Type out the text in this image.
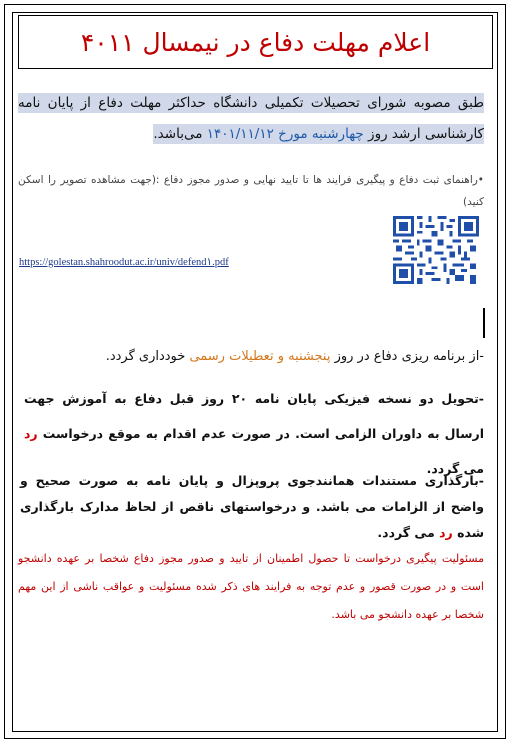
اعلام مهلت دفاع در نیمسال ۴۰۱۱
طبق مصوبه شورای تحصیلات تکمیلی دانشگاه حداکثر مهلت دفاع از پایان نامه کارشناسی ارشد روز چهارشنبه مورخ ۱۴۰۱/۱۱/۱۲ می‌باشد.
•راهنمای ثبت دفاع و پیگیری فرایند ها تا تایید نهایی و صدور مجوز دفاع :(جهت مشاهده تصویر را اسکن کنید)
https://golestan.shahroodut.ac.ir/univ/defend۱.pdf
-از برنامه ریزی دفاع در روز پنجشنبه و تعطیلات رسمی خودداری گردد.
-تحویل دو نسخه فیزیکی پایان نامه ۲۰ روز قبل دفاع به آموزش جهت ارسال به داوران الزامی است. در صورت عدم اقدام به موقع درخواست رد می گردد.
-بارگذاری مستندات همانندجوی پروپزال و پایان نامه به صورت صحیح و واضح از الزامات می باشد. و درخواستهای ناقص از لحاظ مدارک بارگذاری شده رد می گردد.
مسئولیت پیگیری درخواست تا حصول اطمینان از تایید و صدور مجوز دفاع شخصا بر عهده دانشجو است و در صورت قصور و عدم توجه به فرایند های ذکر شده مسئولیت و عواقب ناشی از این مهم شخصا بر عهده دانشجو می باشد.
